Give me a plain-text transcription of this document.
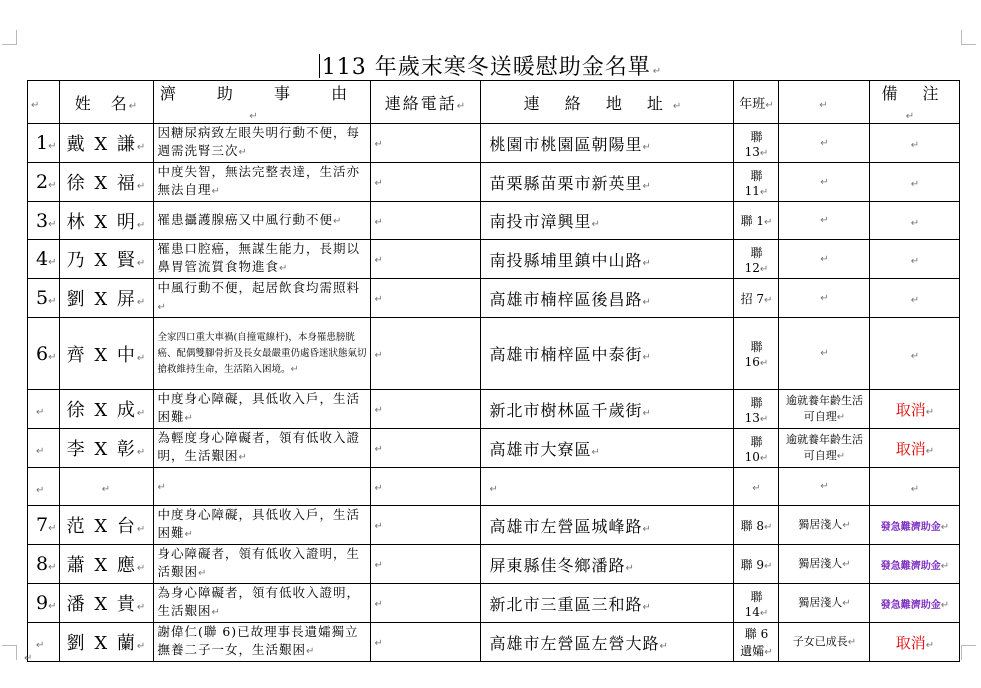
113 年歲末寒冬送暖慰助金名單 ↵
↵	姓　名↵	濟 助 事 由↵	連絡電話↵	連 絡 地 址↵	年班↵	↵	備 注↵
1↵	戴 X 謙↵	因糖尿病致左眼失明行動不便，每週需洗腎三次↵	↵	桃園市桃園區朝陽里↵	聯 13↵	↵	↵
2↵	徐 X 福↵	中度失智，無法完整表達，生活亦無法自理↵	↵	苗栗縣苗栗市新英里↵	聯 11↵	↵	↵
3↵	林 X 明↵	罹患攝護腺癌又中風行動不便↵	↵	南投市漳興里↵	聯 1↵	↵	↵
4↵	乃 X 賢↵	罹患口腔癌，無謀生能力，長期以鼻胃管流質食物進食↵	↵	南投縣埔里鎮中山路↵	聯 12↵	↵	↵
5↵	劉 X 屏↵	中風行動不便，起居飲食均需照料↵	↵	高雄市楠梓區後昌路↵	招 7↵	↵	↵
6↵	齊 X 中↵	全家四口重大車禍(自撞電線杆)，本身罹患膀胱癌、配偶雙腳骨折及長女最嚴重仍處昏迷狀態氣切搶救維持生命，生活陷入困境。↵	↵	高雄市楠梓區中泰街↵	聯 16↵	↵	↵
↵	徐 X 成↵	中度身心障礙，具低收入戶，生活困難↵	↵	新北市樹林區千歲街↵	聯 13↵	逾就養年齡生活可自理↵	取消↵
↵	李 X 彰↵	為輕度身心障礙者，領有低收入證明，生活艱困↵	↵	高雄市大寮區↵	聯 10↵	逾就養年齡生活可自理↵	取消↵
↵	↵	↵	↵	↵	↵	↵	↵
7↵	范 X 台↵	中度身心障礙，具低收入戶，生活困難↵	↵	高雄市左營區城峰路↵	聯 8↵	獨居淺人↵	發急難濟助金↵
8↵	蕭 X 應↵	身心障礙者，領有低收入證明，生活艱困↵	↵	屏東縣佳冬鄉潘路↵	聯 9↵	獨居淺人↵	發急難濟助金↵
9↵	潘 X 貴↵	為身心障礙者，領有低收入證明，生活艱困↵	↵	新北市三重區三和路↵	聯 14↵	獨居淺人↵	發急難濟助金↵
↵	劉 X 蘭↵	謝偉仁(聯 6)已故理事長遺孀獨立撫養二子一女，生活艱困↵	↵	高雄市左營區左營大路↵	聯 6 遺孀↵	子女已成長↵	取消↵
↵
